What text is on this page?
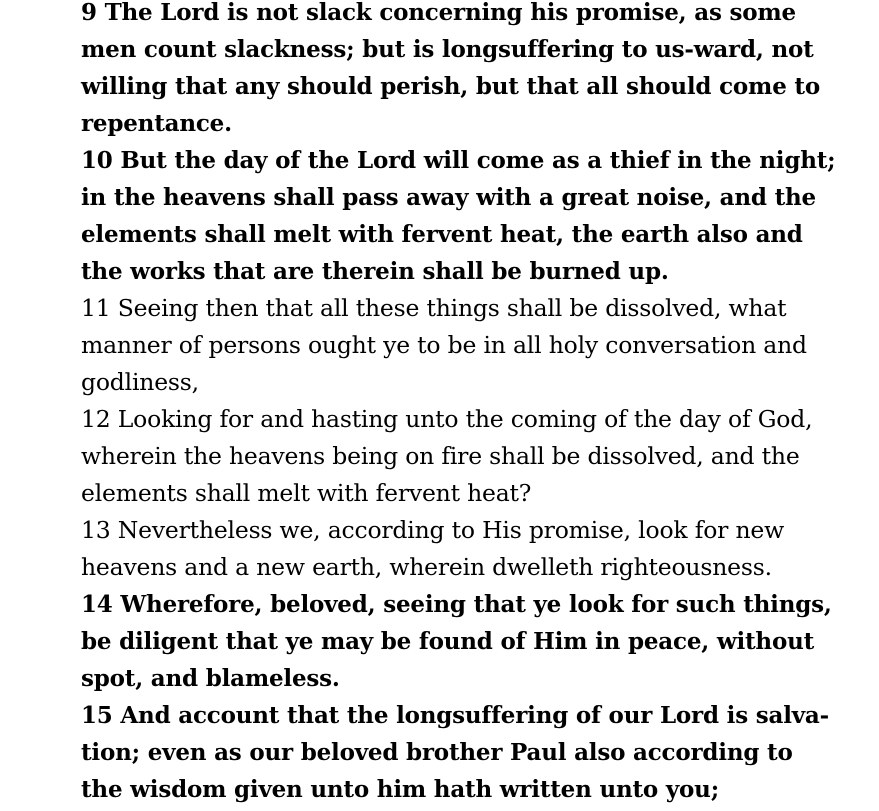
9 The Lord is not slack concerning his promise, as some
men count slackness; but is longsuffering to us-ward, not
willing that any should perish, but that all should come to
repentance.
10 But the day of the Lord will come as a thief in the night;
in the heavens shall pass away with a great noise, and the
elements shall melt with fervent heat, the earth also and
the works that are therein shall be burned up.
11 Seeing then that all these things shall be dissolved, what
manner of persons ought ye to be in all holy conversation and
godliness,
12 Looking for and hasting unto the coming of the day of God,
wherein the heavens being on fire shall be dissolved, and the
elements shall melt with fervent heat?
13 Nevertheless we, according to His promise, look for new
heavens and a new earth, wherein dwelleth righteousness.
14 Wherefore, beloved, seeing that ye look for such things,
be diligent that ye may be found of Him in peace, without
spot, and blameless.
15 And account that the longsuffering of our Lord is salva-
tion; even as our beloved brother Paul also according to
the wisdom given unto him hath written unto you;
